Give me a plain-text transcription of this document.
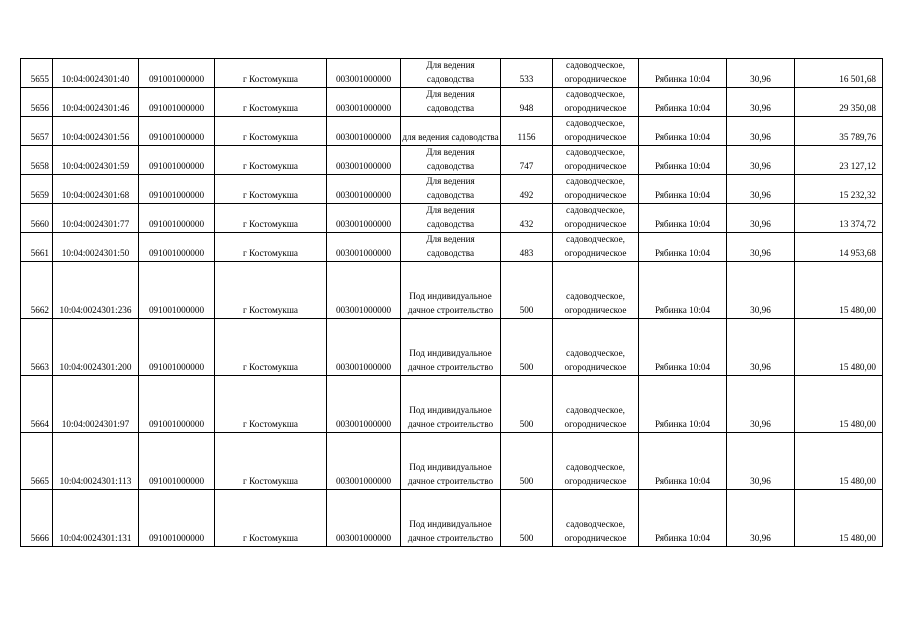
5655	10:04:0024301:40	091001000000	г Костомукша	003001000000	Для ведения садоводства	533	садоводческое, огородническое	Рябинка 10:04	30,96	16 501,68
5656	10:04:0024301:46	091001000000	г Костомукша	003001000000	Для ведения садоводства	948	садоводческое, огородническое	Рябинка 10:04	30,96	29 350,08
5657	10:04:0024301:56	091001000000	г Костомукша	003001000000	для ведения садоводства	1156	садоводческое, огородническое	Рябинка 10:04	30,96	35 789,76
5658	10:04:0024301:59	091001000000	г Костомукша	003001000000	Для ведения садоводства	747	садоводческое, огородническое	Рябинка 10:04	30,96	23 127,12
5659	10:04:0024301:68	091001000000	г Костомукша	003001000000	Для ведения садоводства	492	садоводческое, огородническое	Рябинка 10:04	30,96	15 232,32
5660	10:04:0024301:77	091001000000	г Костомукша	003001000000	Для ведения садоводства	432	садоводческое, огородническое	Рябинка 10:04	30,96	13 374,72
5661	10:04:0024301:50	091001000000	г Костомукша	003001000000	Для ведения садоводства	483	садоводческое, огородническое	Рябинка 10:04	30,96	14 953,68
5662	10:04:0024301:236	091001000000	г Костомукша	003001000000	Под индивидуальное дачное строительство	500	садоводческое, огородническое	Рябинка 10:04	30,96	15 480,00
5663	10:04:0024301:200	091001000000	г Костомукша	003001000000	Под индивидуальное дачное строительство	500	садоводческое, огородническое	Рябинка 10:04	30,96	15 480,00
5664	10:04:0024301:97	091001000000	г Костомукша	003001000000	Под индивидуальное дачное строительство	500	садоводческое, огородническое	Рябинка 10:04	30,96	15 480,00
5665	10:04:0024301:113	091001000000	г Костомукша	003001000000	Под индивидуальное дачное строительство	500	садоводческое, огородническое	Рябинка 10:04	30,96	15 480,00
5666	10:04:0024301:131	091001000000	г Костомукша	003001000000	Под индивидуальное дачное строительство	500	садоводческое, огородническое	Рябинка 10:04	30,96	15 480,00
